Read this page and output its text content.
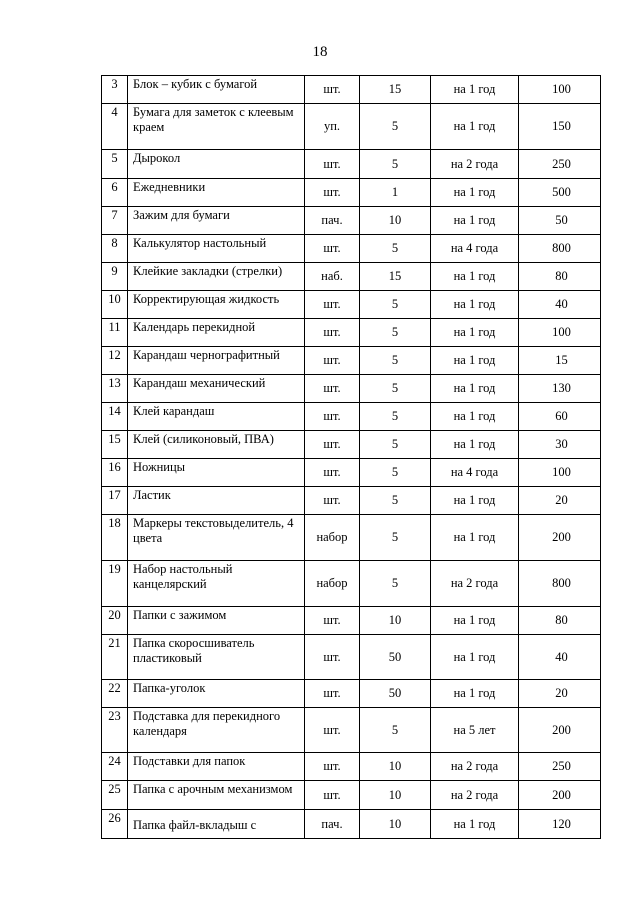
18
3	Блок – кубик с бумагой	шт.	15	на 1 год	100
4	Бумага для заметок с клеевым краем	уп.	5	на 1 год	150
5	Дырокол	шт.	5	на 2 года	250
6	Ежедневники	шт.	1	на 1 год	500
7	Зажим для бумаги	пач.	10	на 1 год	50
8	Калькулятор настольный	шт.	5	на 4 года	800
9	Клейкие закладки (стрелки)	наб.	15	на 1 год	80
10	Корректирующая жидкость	шт.	5	на 1 год	40
11	Календарь перекидной	шт.	5	на 1 год	100
12	Карандаш чернографитный	шт.	5	на 1 год	15
13	Карандаш механический	шт.	5	на 1 год	130
14	Клей карандаш	шт.	5	на 1 год	60
15	Клей (силиконовый, ПВА)	шт.	5	на 1 год	30
16	Ножницы	шт.	5	на 4 года	100
17	Ластик	шт.	5	на 1 год	20
18	Маркеры текстовыделитель, 4 цвета	набор	5	на 1 год	200
19	Набор настольный канцелярский	набор	5	на 2 года	800
20	Папки с зажимом	шт.	10	на 1 год	80
21	Папка скоросшиватель пластиковый	шт.	50	на 1 год	40
22	Папка-уголок	шт.	50	на 1 год	20
23	Подставка для перекидного календаря	шт.	5	на 5 лет	200
24	Подставки для папок	шт.	10	на 2 года	250
25	Папка с арочным механизмом	шт.	10	на 2 года	200
26	Папка файл-вкладыш с	пач.	10	на 1 год	120
